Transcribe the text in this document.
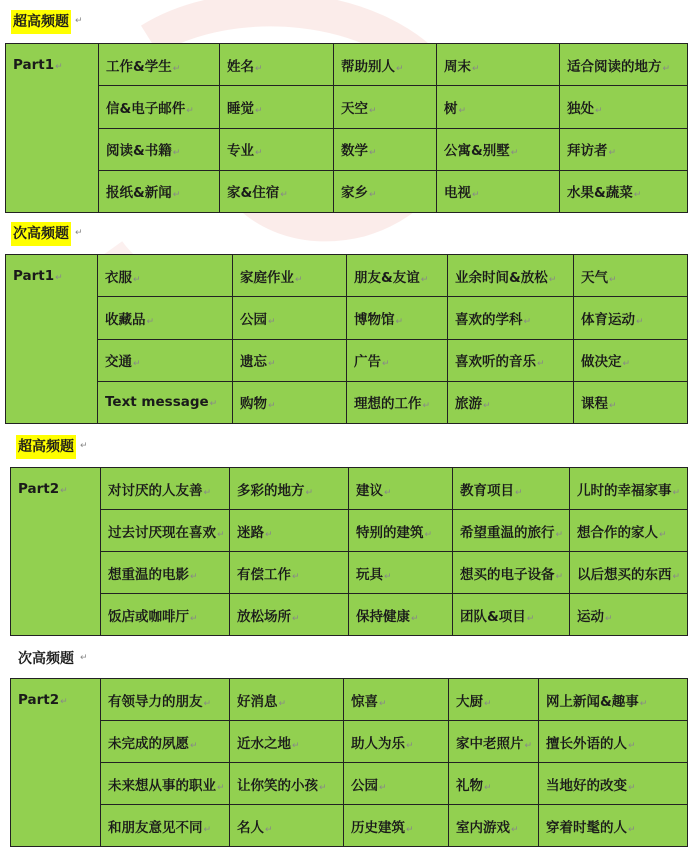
超高频题 ↵
Part1↵	工作&学生↵	姓名↵	帮助别人↵	周末↵	适合阅读的地方↵
	信&电子邮件↵	睡觉↵	天空↵	树↵	独处↵
	阅读&书籍↵	专业↵	数学↵	公寓&别墅↵	拜访者↵
	报纸&新闻↵	家&住宿↵	家乡↵	电视↵	水果&蔬菜↵
次高频题 ↵
Part1↵	衣服↵	家庭作业↵	朋友&友谊↵	业余时间&放松↵	天气↵
	收藏品↵	公园↵	博物馆↵	喜欢的学科↵	体育运动↵
	交通↵	遗忘↵	广告↵	喜欢听的音乐↵	做决定↵
	Text message↵	购物↵	理想的工作↵	旅游↵	课程↵
超高频题 ↵
Part2↵	对讨厌的人友善↵	多彩的地方↵	建议↵	教育项目↵	儿时的幸福家事↵
	过去讨厌现在喜欢↵	迷路↵	特别的建筑↵	希望重温的旅行↵	想合作的家人↵
	想重温的电影↵	有偿工作↵	玩具↵	想买的电子设备↵	以后想买的东西↵
	饭店或咖啡厅↵	放松场所↵	保持健康↵	团队&项目↵	运动↵
次高频题 ↵
Part2↵	有领导力的朋友↵	好消息↵	惊喜↵	大厨↵	网上新闻&趣事↵
	未完成的夙愿↵	近水之地↵	助人为乐↵	家中老照片↵	擅长外语的人↵
	未来想从事的职业↵	让你笑的小孩↵	公园↵	礼物↵	当地好的改变↵
	和朋友意见不同↵	名人↵	历史建筑↵	室内游戏↵	穿着时髦的人↵
